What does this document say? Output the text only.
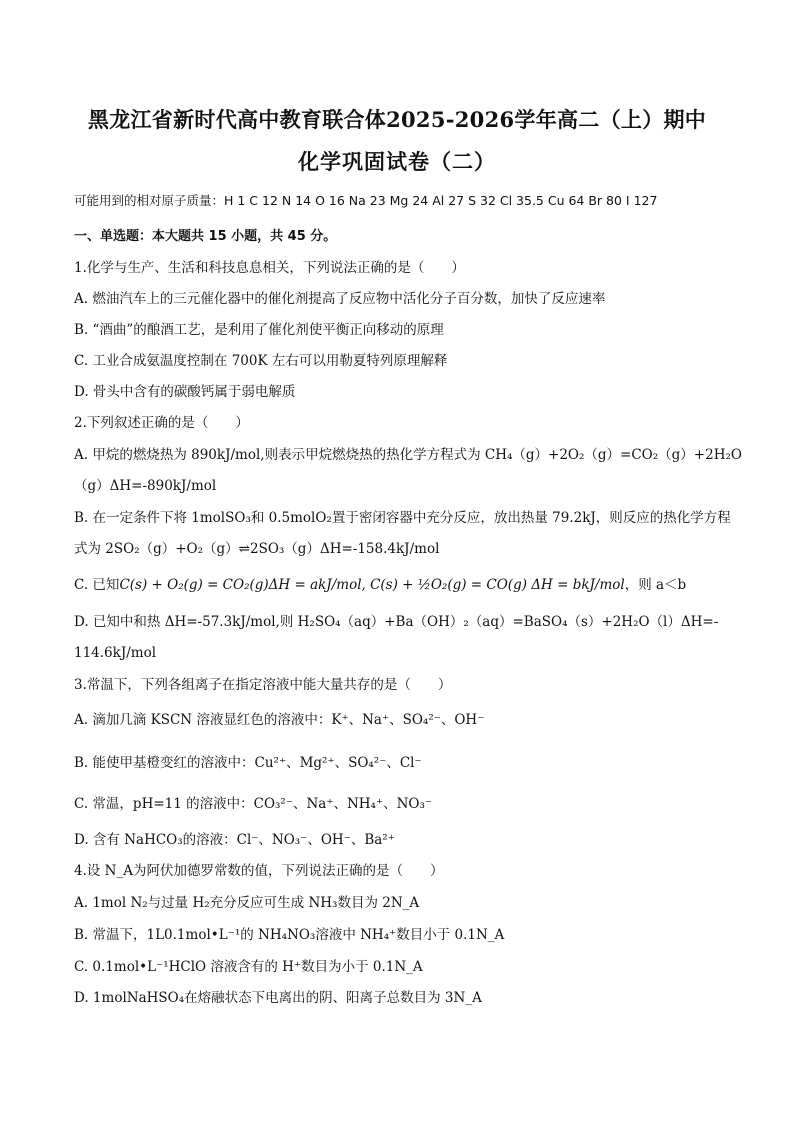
黑龙江省新时代高中教育联合体2025-2026学年高二（上）期中
化学巩固试卷（二）
可能用到的相对原子质量：H 1 C 12 N 14 O 16 Na 23 Mg 24 Al 27 S 32 Cl 35.5 Cu 64 Br 80 I 127
一、单选题：本大题共 15 小题，共 45 分。
1.化学与生产、生活和科技息息相关，下列说法正确的是（　　）
A. 燃油汽车上的三元催化器中的催化剂提高了反应物中活化分子百分数，加快了反应速率
B. “酒曲”的酿酒工艺，是利用了催化剂使平衡正向移动的原理
C. 工业合成氨温度控制在 700K 左右可以用勒夏特列原理解释
D. 骨头中含有的碳酸钙属于弱电解质
2.下列叙述正确的是（　　）
A. 甲烷的燃烧热为 890kJ/mol,则表示甲烷燃烧热的热化学方程式为 CH₄（g）+2O₂（g）=CO₂（g）+2H₂O
（g）ΔH=-890kJ/mol
B. 在一定条件下将 1molSO₃和 0.5molO₂置于密闭容器中充分反应，放出热量 79.2kJ，则反应的热化学方程
式为 2SO₂（g）+O₂（g）⇌2SO₃（g）ΔH=-158.4kJ/mol
C. 已知C(s) + O₂(g) = CO₂(g)ΔH = akJ/mol, C(s) + ½O₂(g) = CO(g) ΔH = bkJ/mol，则 a＜b
D. 已知中和热 ΔH=-57.3kJ/mol,则 H₂SO₄（aq）+Ba（OH）₂（aq）=BaSO₄（s）+2H₂O（l）ΔH=-
114.6kJ/mol
3.常温下，下列各组离子在指定溶液中能大量共存的是（　　）
A. 滴加几滴 KSCN 溶液显红色的溶液中：K⁺、Na⁺、SO₄²⁻、OH⁻
B. 能使甲基橙变红的溶液中：Cu²⁺、Mg²⁺、SO₄²⁻、Cl⁻
C. 常温，pH=11 的溶液中：CO₃²⁻、Na⁺、NH₄⁺、NO₃⁻
D. 含有 NaHCO₃的溶液：Cl⁻、NO₃⁻、OH⁻、Ba²⁺
4.设 N_A为阿伏加德罗常数的值，下列说法正确的是（　　）
A. 1mol N₂与过量 H₂充分反应可生成 NH₃数目为 2N_A
B. 常温下，1L0.1mol•L⁻¹的 NH₄NO₃溶液中 NH₄⁺数目小于 0.1N_A
C. 0.1mol•L⁻¹HClO 溶液含有的 H⁺数目为小于 0.1N_A
D. 1molNaHSO₄在熔融状态下电离出的阴、阳离子总数目为 3N_A
